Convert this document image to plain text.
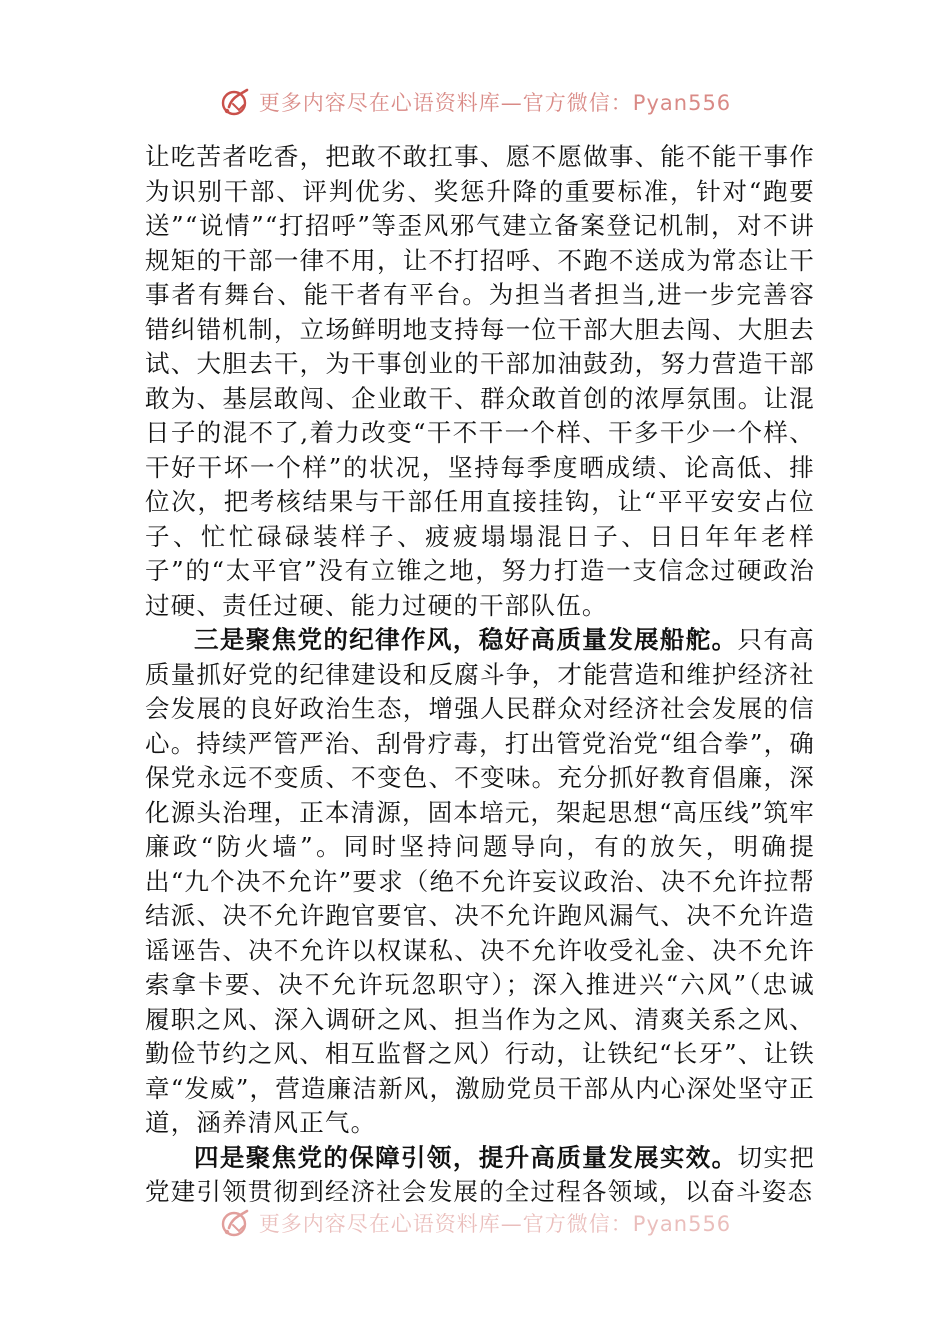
更多内容尽在心语资料库—官方微信：Pyan556

让吃苦者吃香，把敢不敢扛事、愿不愿做事、能不能干事作为识别干部、评判优劣、奖惩升降的重要标准，针对“跑要送”“说情”“打招呼”等歪风邪气建立备案登记机制，对不讲规矩的干部一律不用，让不打招呼、不跑不送成为常态让干事者有舞台、能干者有平台。为担当者担当,进一步完善容错纠错机制，立场鲜明地支持每一位干部大胆去闯、大胆去试、大胆去干，为干事创业的干部加油鼓劲，努力营造干部敢为、基层敢闯、企业敢干、群众敢首创的浓厚氛围。让混日子的混不了,着力改变“干不干一个样、干多干少一个样、干好干坏一个样”的状况，坚持每季度晒成绩、论高低、排位次，把考核结果与干部任用直接挂钩，让“平平安安占位子、忙忙碌碌装样子、疲疲塌塌混日子、日日年年老样子”的“太平官”没有立锥之地，努力打造一支信念过硬政治过硬、责任过硬、能力过硬的干部队伍。

三是聚焦党的纪律作风，稳好高质量发展船舵。只有高质量抓好党的纪律建设和反腐斗争，才能营造和维护经济社会发展的良好政治生态，增强人民群众对经济社会发展的信心。持续严管严治、刮骨疗毒，打出管党治党“组合拳”，确保党永远不变质、不变色、不变味。充分抓好教育倡廉，深化源头治理，正本清源，固本培元，架起思想“高压线”筑牢廉政“防火墙”。同时坚持问题导向，有的放矢，明确提出“九个决不允许”要求（绝不允许妄议政治、决不允许拉帮结派、决不允许跑官要官、决不允许跑风漏气、决不允许造谣诬告、决不允许以权谋私、决不允许收受礼金、决不允许索拿卡要、决不允许玩忽职守）；深入推进兴“六风”（忠诚履职之风、深入调研之风、担当作为之风、清爽关系之风、勤俭节约之风、相互监督之风）行动，让铁纪“长牙”、让铁章“发威”，营造廉洁新风，激励党员干部从内心深处坚守正道，涵养清风正气。

四是聚焦党的保障引领，提升高质量发展实效。切实把党建引领贯彻到经济社会发展的全过程各领域，以奋斗姿态

更多内容尽在心语资料库—官方微信：Pyan556
